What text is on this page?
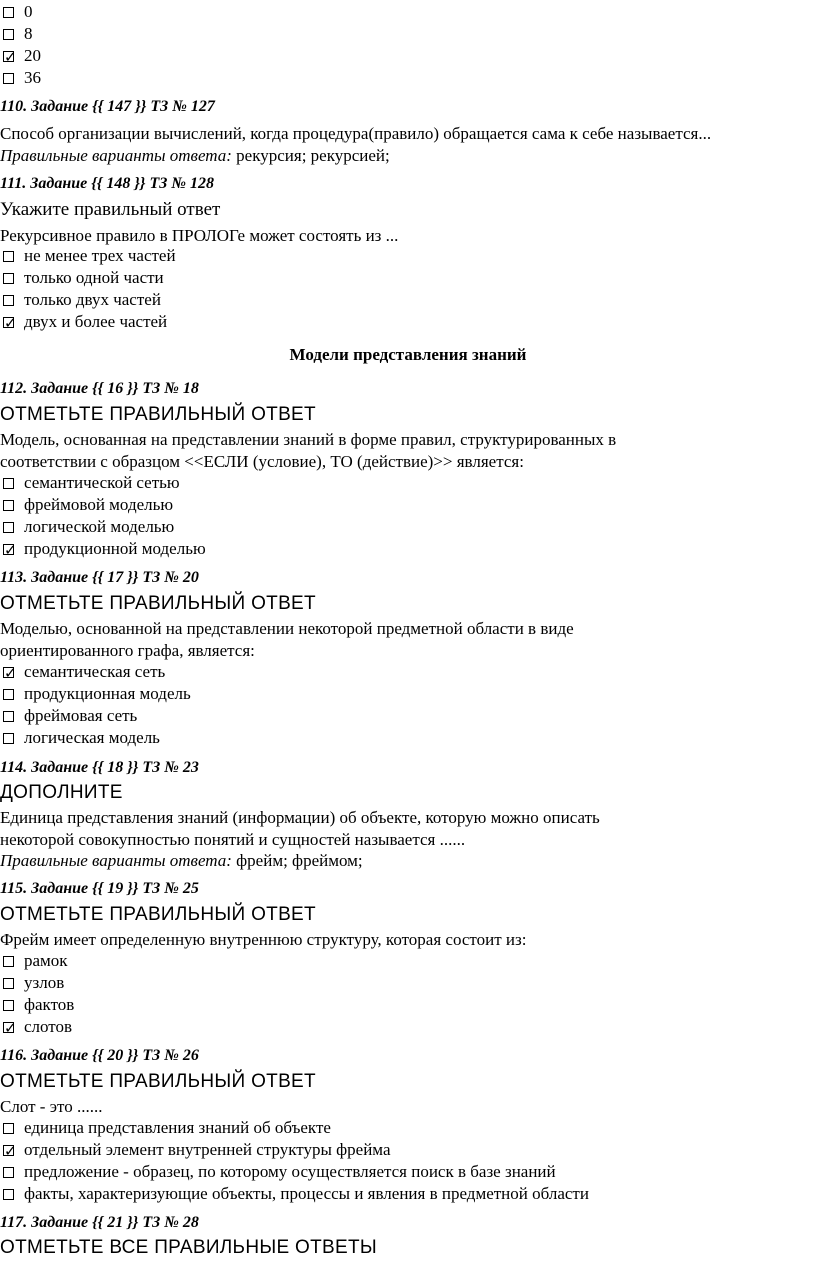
0
8
✓
20
36
110. Задание {{ 147 }} ТЗ № 127
Способ организации вычислений, когда процедура(правило) обращается сама к себе называется...
Правильные варианты ответа: рекурсия; рекурсией;
111. Задание {{ 148 }} ТЗ № 128
Укажите правильный ответ
Рекурсивное правило в ПРОЛОГе может состоять из ...
не менее трех частей
только одной части
только двух частей
✓
двух и более частей
Модели представления знаний
112. Задание {{ 16 }} ТЗ № 18
ОТМЕТЬТЕ ПРАВИЛЬНЫЙ ОТВЕТ
Модель, основанная на представлении знаний в форме правил, структурированных в
соответствии с образцом <<ЕСЛИ (условие), ТО (действие)>> является:
семантической сетью
фреймовой моделью
логической моделью
✓
продукционной моделью
113. Задание {{ 17 }} ТЗ № 20
ОТМЕТЬТЕ ПРАВИЛЬНЫЙ ОТВЕТ
Моделью, основанной на представлении некоторой предметной области в виде
ориентированного графа, является:
✓
семантическая сеть
продукционная модель
фреймовая сеть
логическая модель
114. Задание {{ 18 }} ТЗ № 23
ДОПОЛНИТЕ
Единица представления знаний (информации) об объекте, которую можно описать
некоторой совокупностью понятий и сущностей называется ......
Правильные варианты ответа: фрейм; фреймом;
115. Задание {{ 19 }} ТЗ № 25
ОТМЕТЬТЕ ПРАВИЛЬНЫЙ ОТВЕТ
Фрейм имеет определенную внутреннюю структуру, которая состоит из:
рамок
узлов
фактов
✓
слотов
116. Задание {{ 20 }} ТЗ № 26
ОТМЕТЬТЕ ПРАВИЛЬНЫЙ ОТВЕТ
Слот - это ......
единица представления знаний об объекте
✓
отдельный элемент внутренней структуры фрейма
предложение - образец, по которому осуществляется поиск в базе знаний
факты, характеризующие объекты, процессы и явления в предметной области
117. Задание {{ 21 }} ТЗ № 28
ОТМЕТЬТЕ ВСЕ ПРАВИЛЬНЫЕ ОТВЕТЫ
